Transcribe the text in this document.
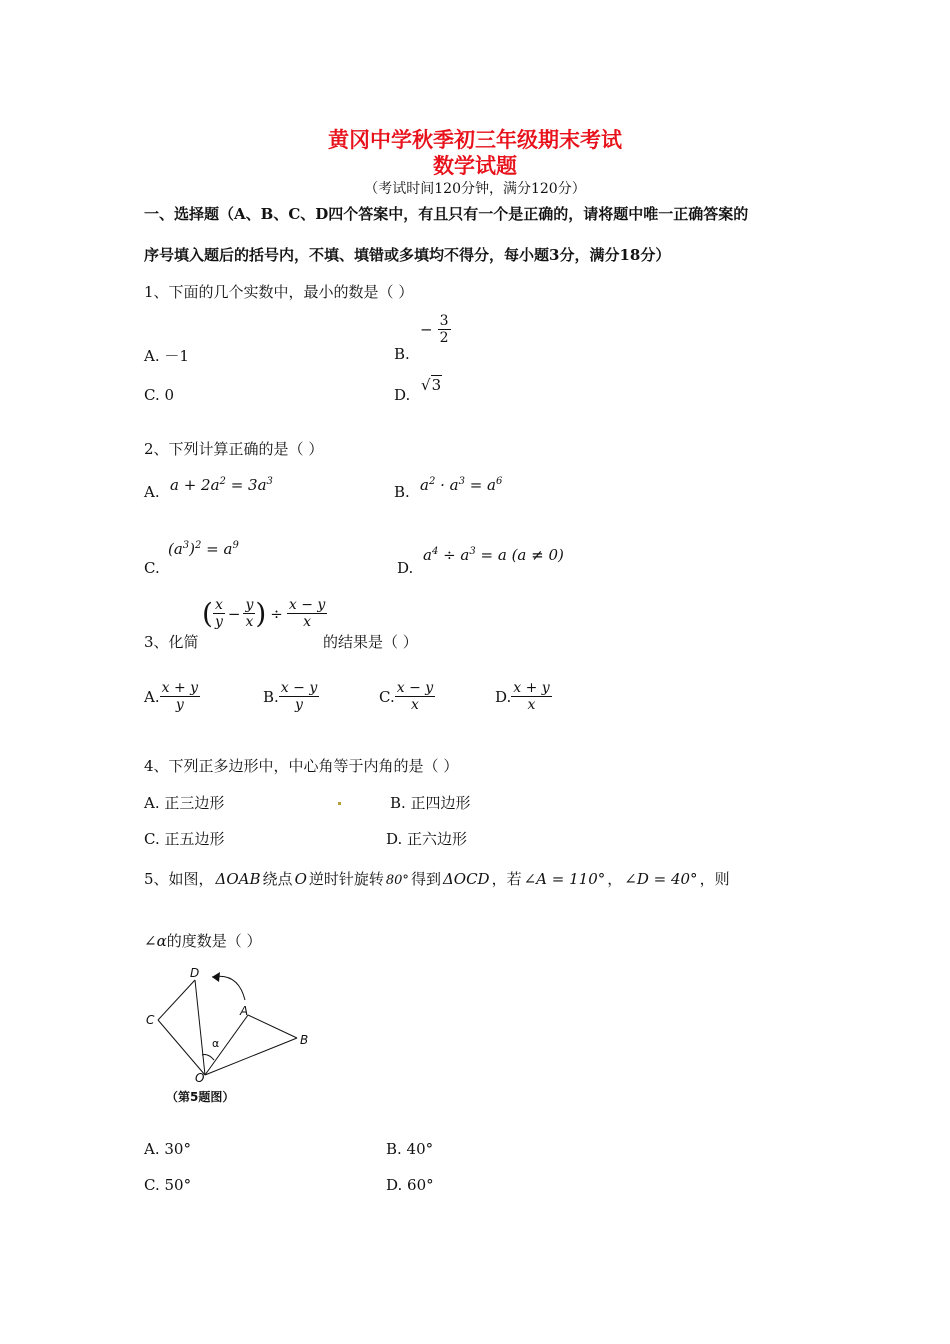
黄冈中学秋季初三年级期末考试
数学试题
（考试时间120分钟，满分120分）
一、选择题（A、B、C、D四个答案中，有且只有一个是正确的，请将题中唯一正确答案的
序号填入题后的括号内，不填、填错或多填均不得分，每小题3分，满分18分）
1、下面的几个实数中，最小的数是（ ）
A. －1	B.
− $\frac{3}{2}$
C. 0	D.
√3
2、下列计算正确的是（ ）
A. $a + 2a^2 = 3a^3$
B. $a^2 \cdot a^3 = a^6$
C.
$(a^3)^2 = a^9$
D.
$a^4 \div a^3 = a$ (a ≠ 0)
3、化简
( $\frac{x}{y} - \frac{y}{x}$ ) ÷ $\frac{x - y}{x}$
的结果是（ ）
A. $\frac{x + y}{y}$	B. $\frac{x - y}{y}$	C. $\frac{x - y}{x}$	D. $\frac{x + y}{x}$
4、下列正多边形中，中心角等于内角的是（ ）
A. 正三边形	B. 正四边形
C. 正五边形	D. 正六边形
5、如图， ΔOAB 绕点 O 逆时针旋转 80° 得到 ΔOCD ，若 ∠A = 110° ， ∠D = 40° ，则
∠α 的度数是（ ）
D
C
A
B
O
α
（第5题图）
A. 30°	B. 40°
C. 50°	D. 60°
